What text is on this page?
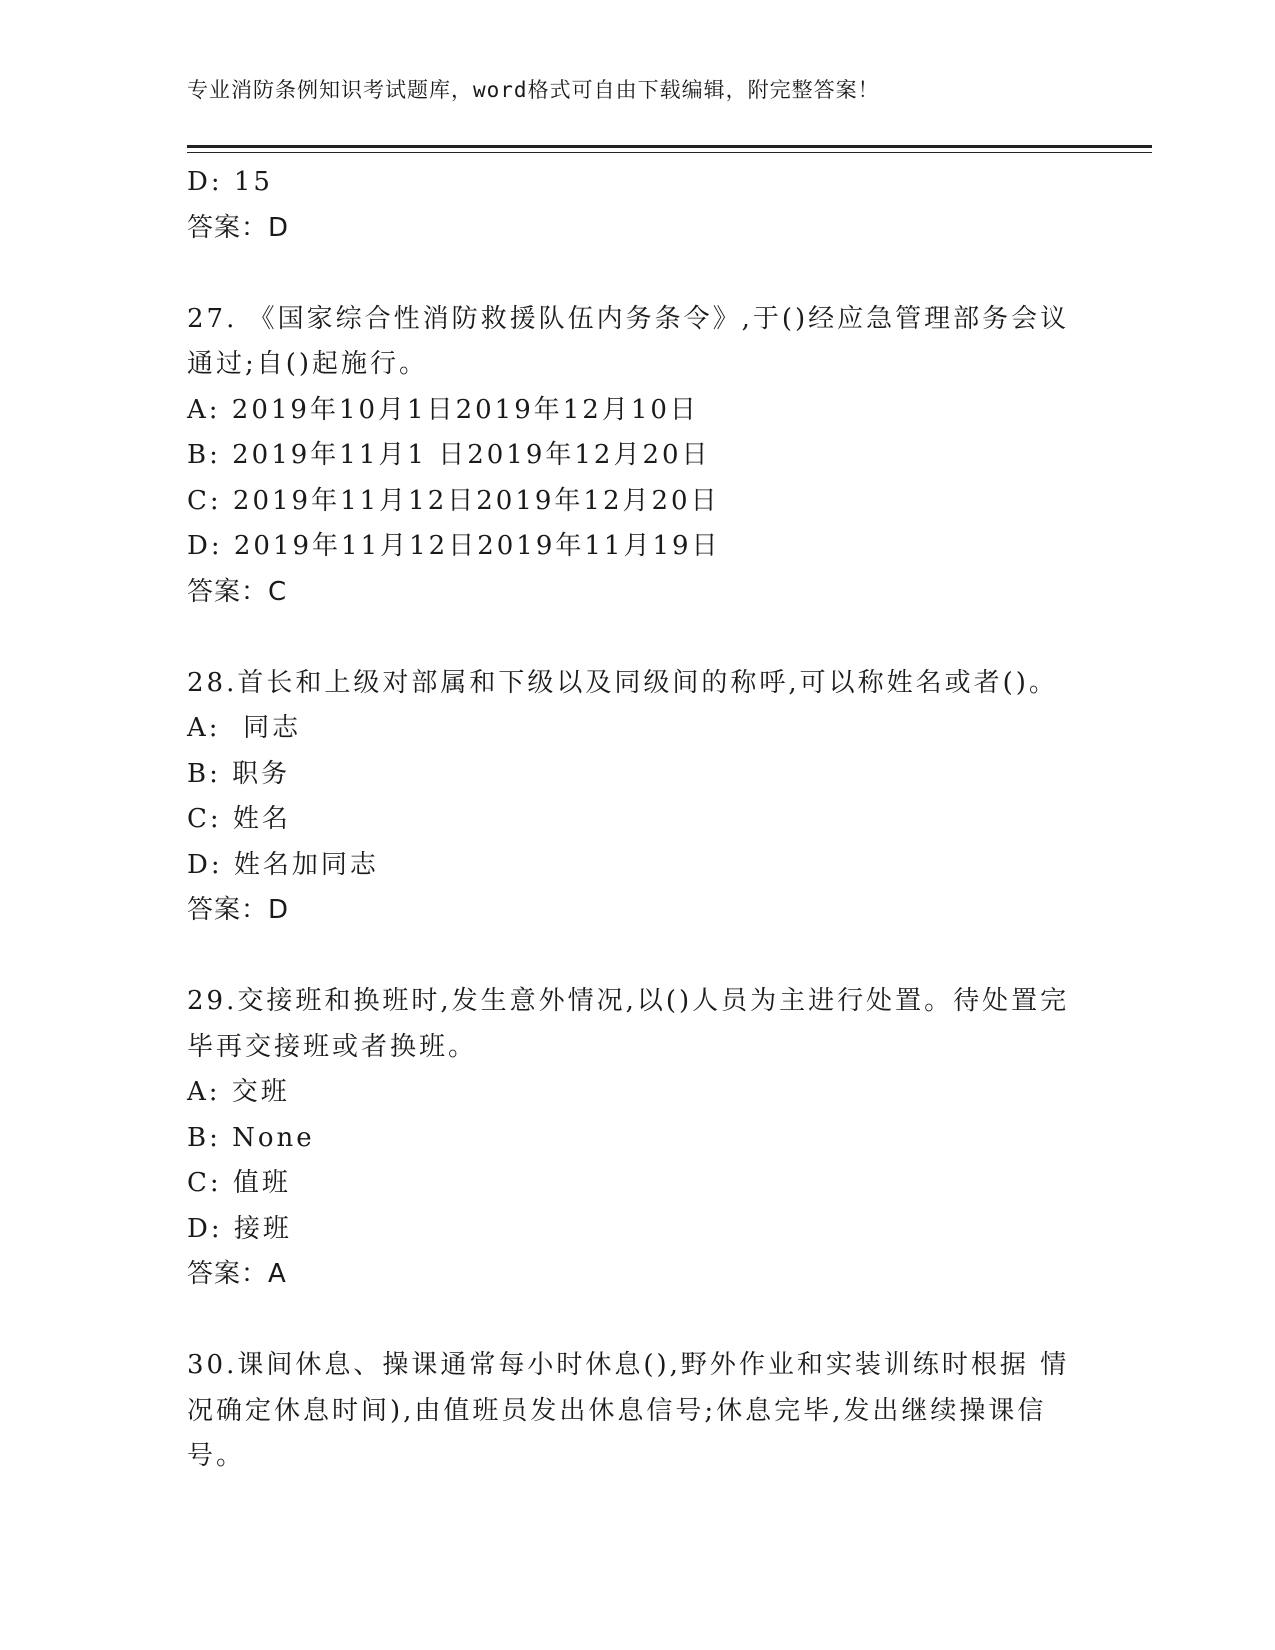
专业消防条例知识考试题库，word格式可自由下载编辑，附完整答案！
D: 15
答案：D
27. 《国家综合性消防救援队伍内务条令》,于()经应急管理部务会议
通过;自()起施行。
A: 2019年10月1日2019年12月10日
B: 2019年11月1 日2019年12月20日
C: 2019年11月12日2019年12月20日
D: 2019年11月12日2019年11月19日
答案：C
28.首长和上级对部属和下级以及同级间的称呼,可以称姓名或者()。
A:  同志
B: 职务
C: 姓名
D: 姓名加同志
答案：D
29.交接班和换班时,发生意外情况,以()人员为主进行处置。待处置完
毕再交接班或者换班。
A: 交班
B: None
C: 值班
D: 接班
答案：A
30.课间休息、操课通常每小时休息(),野外作业和实装训练时根据 情
况确定休息时间),由值班员发出休息信号;休息完毕,发出继续操课信
号。
